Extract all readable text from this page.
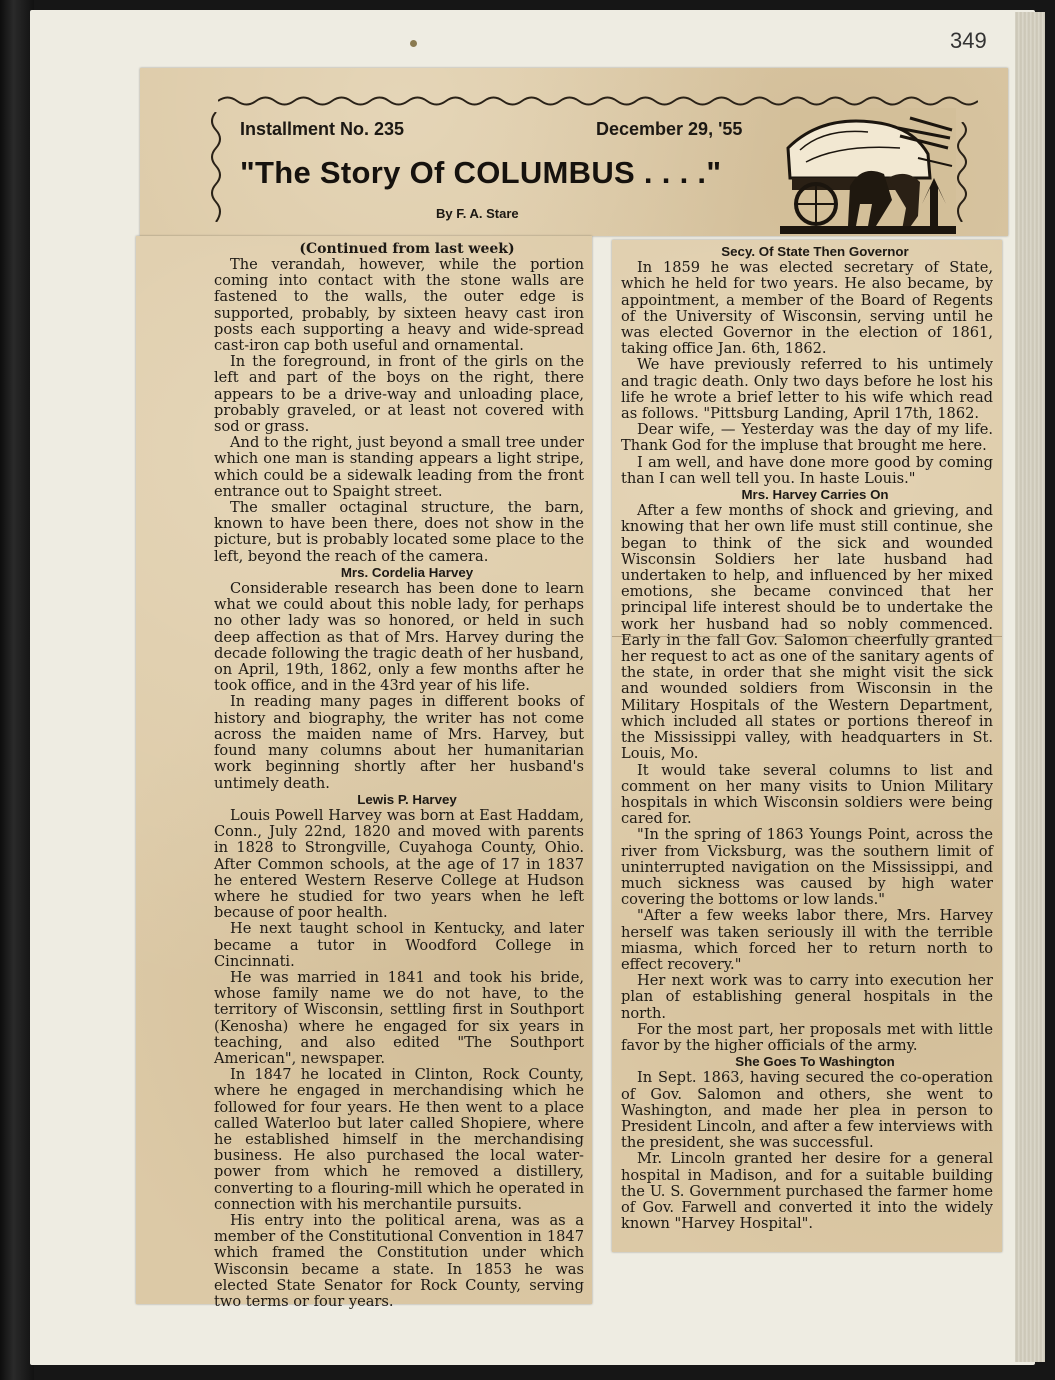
349
Installment No. 235	December 29, '55
"The Story Of COLUMBUS . . . ."
By F. A. Stare

(Continued from last week)

The verandah, however, while the portion coming into contact with the stone walls are fastened to the walls, the outer edge is supported, probably, by sixteen heavy cast iron posts each supporting a heavy and wide-spread cast-iron cap both useful and ornamental.

In the foreground, in front of the girls on the left and part of the boys on the right, there appears to be a drive-way and unloading place, probably graveled, or at least not covered with sod or grass.

And to the right, just beyond a small tree under which one man is standing appears a light stripe, which could be a sidewalk leading from the front entrance out to Spaight street.

The smaller octaginal structure, the barn, known to have been there, does not show in the picture, but is probably located some place to the left, beyond the reach of the camera.

Mrs. Cordelia Harvey

Considerable research has been done to learn what we could about this noble lady, for perhaps no other lady was so honored, or held in such deep affection as that of Mrs. Harvey during the decade following the tragic death of her husband, on April, 19th, 1862, only a few months after he took office, and in the 43rd year of his life.

In reading many pages in different books of history and biography, the writer has not come across the maiden name of Mrs. Harvey, but found many columns about her humanitarian work beginning shortly after her husband's untimely death.

Lewis P. Harvey

Louis Powell Harvey was born at East Haddam, Conn., July 22nd, 1820 and moved with parents in 1828 to Strongville, Cuyahoga County, Ohio. After Common schools, at the age of 17 in 1837 he entered Western Reserve College at Hudson where he studied for two years when he left because of poor health.

He next taught school in Kentucky, and later became a tutor in Woodford College in Cincinnati.

He was married in 1841 and took his bride, whose family name we do not have, to the territory of Wisconsin, settling first in Southport (Kenosha) where he engaged for six years in teaching, and also edited "The Southport American", newspaper.

In 1847 he located in Clinton, Rock County, where he engaged in merchandising which he followed for four years. He then went to a place called Waterloo but later called Shopiere, where he established himself in the merchandising business. He also purchased the local water-power from which he removed a distillery, converting to a flouring-mill which he operated in connection with his merchantile pursuits.

His entry into the political arena, was as a member of the Constitutional Convention in 1847 which framed the Constitution under which Wisconsin became a state. In 1853 he was elected State Senator for Rock County, serving two terms or four years.

Secy. Of State Then Governor

In 1859 he was elected secretary of State, which he held for two years. He also became, by appointment, a member of the Board of Regents of the University of Wisconsin, serving until he was elected Governor in the election of 1861, taking office Jan. 6th, 1862.

We have previously referred to his untimely and tragic death. Only two days before he lost his life he wrote a brief letter to his wife which read as follows. "Pittsburg Landing, April 17th, 1862.

Dear wife, — Yesterday was the day of my life. Thank God for the impluse that brought me here.

I am well, and have done more good by coming than I can well tell you. In haste Louis."

Mrs. Harvey Carries On

After a few months of shock and grieving, and knowing that her own life must still continue, she began to think of the sick and wounded Wisconsin Soldiers her late husband had undertaken to help, and influenced by her mixed emotions, she became convinced that her principal life interest should be to undertake the work her husband had so nobly commenced. Early in the fall Gov. Salomon cheerfully granted her request to act as one of the sanitary agents of the state, in order that she might visit the sick and wounded soldiers from Wisconsin in the Military Hospitals of the Western Department, which included all states or portions thereof in the Mississippi valley, with headquarters in St. Louis, Mo.

It would take several columns to list and comment on her many visits to Union Military hospitals in which Wisconsin soldiers were being cared for.

"In the spring of 1863 Youngs Point, across the river from Vicksburg, was the southern limit of uninterrupted navigation on the Mississippi, and much sickness was caused by high water covering the bottoms or low lands."

"After a few weeks labor there, Mrs. Harvey herself was taken seriously ill with the terrible miasma, which forced her to return north to effect recovery."

Her next work was to carry into execution her plan of establishing general hospitals in the north.

For the most part, her proposals met with little favor by the higher officials of the army.

She Goes To Washington

In Sept. 1863, having secured the co-operation of Gov. Salomon and others, she went to Washington, and made her plea in person to President Lincoln, and after a few interviews with the president, she was successful.

Mr. Lincoln granted her desire for a general hospital in Madison, and for a suitable building the U. S. Government purchased the farmer home of Gov. Farwell and converted it into the widely known "Harvey Hospital".
